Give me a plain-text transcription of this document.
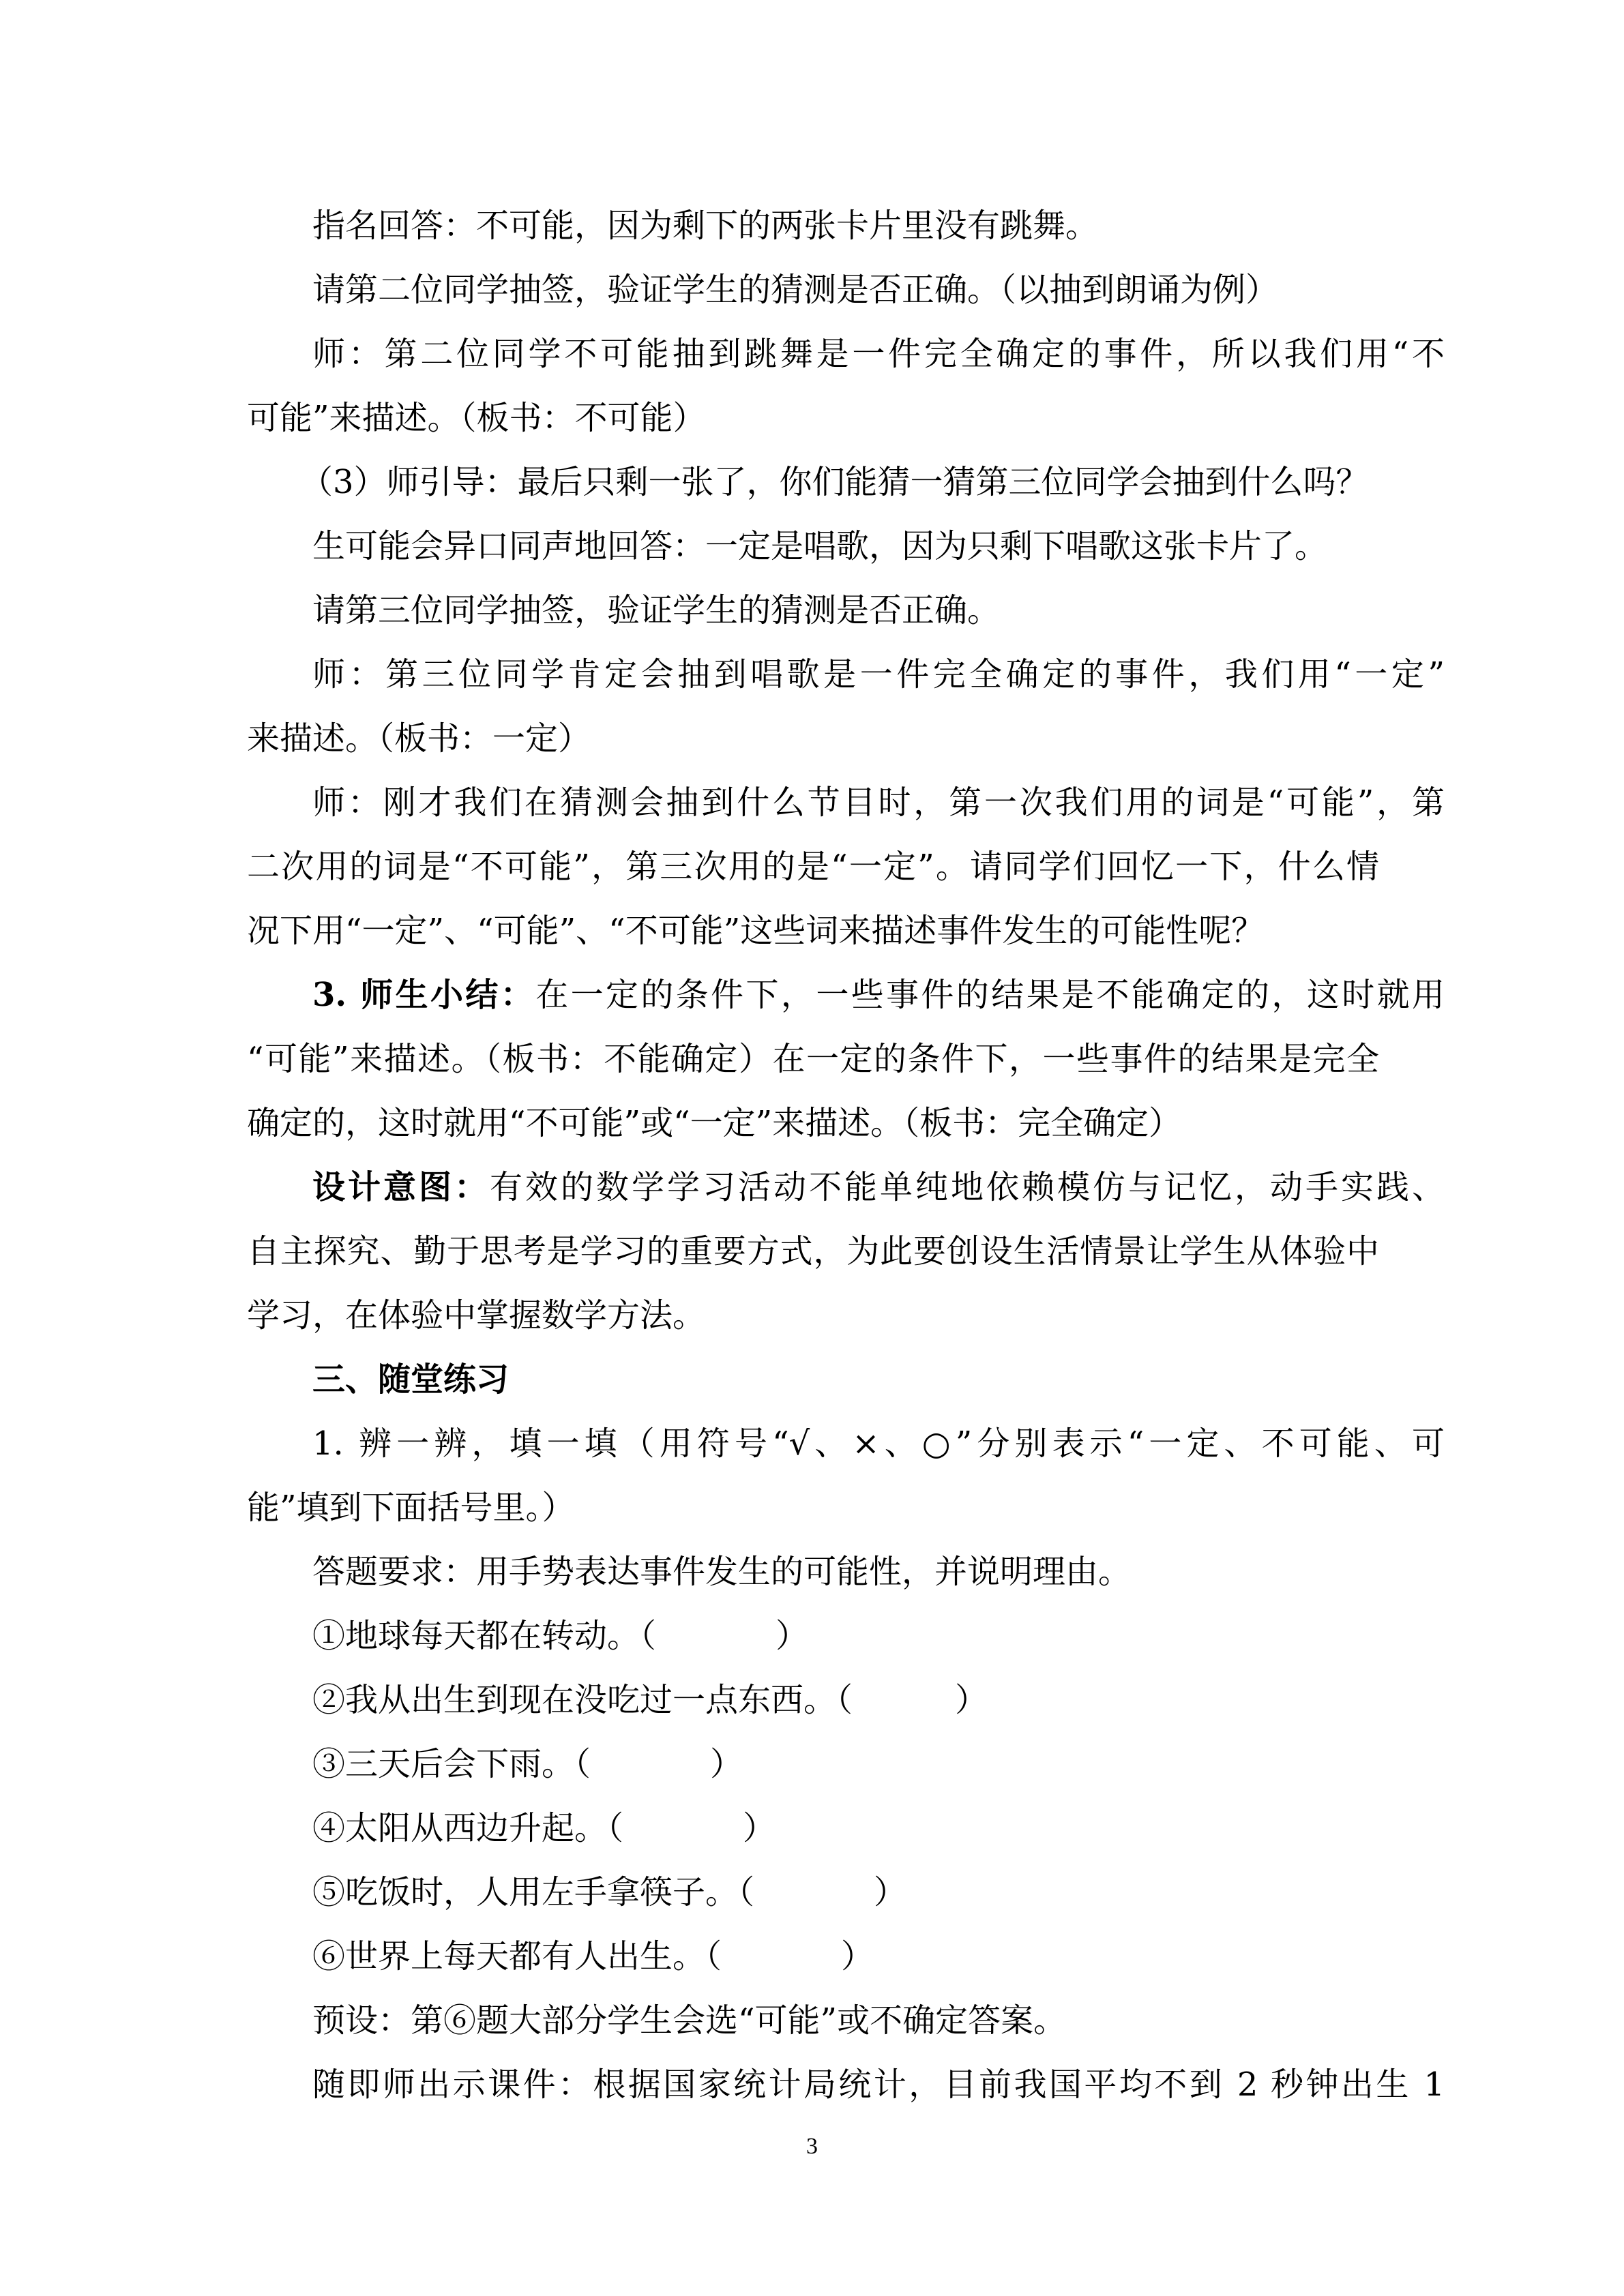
指名回答：不可能，因为剩下的两张卡片里没有跳舞。
请第二位同学抽签，验证学生的猜测是否正确。（以抽到朗诵为例）
师：第二位同学不可能抽到跳舞是一件完全确定的事件，所以我们用“不
可能”来描述。（板书：不可能）
（3）师引导：最后只剩一张了，你们能猜一猜第三位同学会抽到什么吗？
生可能会异口同声地回答：一定是唱歌，因为只剩下唱歌这张卡片了。
请第三位同学抽签，验证学生的猜测是否正确。
师：第三位同学肯定会抽到唱歌是一件完全确定的事件，我们用“一定”
来描述。（板书：一定）
师：刚才我们在猜测会抽到什么节目时，第一次我们用的词是“可能”，第
二次用的词是“不可能”，第三次用的是“一定”。请同学们回忆一下，什么情
况下用“一定”、“可能”、“不可能”这些词来描述事件发生的可能性呢？
3. 师生小结：在一定的条件下，一些事件的结果是不能确定的，这时就用
“可能”来描述。（板书：不能确定）在一定的条件下，一些事件的结果是完全
确定的，这时就用“不可能”或“一定”来描述。（板书：完全确定）
设计意图：有效的数学学习活动不能单纯地依赖模仿与记忆，动手实践、
自主探究、勤于思考是学习的重要方式，为此要创设生活情景让学生从体验中
学习，在体验中掌握数学方法。
三、随堂练习
1. 辨一辨，填一填（用符号“√、×、○”分别表示“一定、不可能、可
能”填到下面括号里。）
答题要求：用手势表达事件发生的可能性，并说明理由。
①地球每天都在转动。（	）
②我从出生到现在没吃过一点东西。（	）
③三天后会下雨。（	）
④太阳从西边升起。（	）
⑤吃饭时，人用左手拿筷子。（	）
⑥世界上每天都有人出生。（	）
预设：第⑥题大部分学生会选“可能”或不确定答案。
随即师出示课件：根据国家统计局统计，目前我国平均不到 2 秒钟出生 1
3
